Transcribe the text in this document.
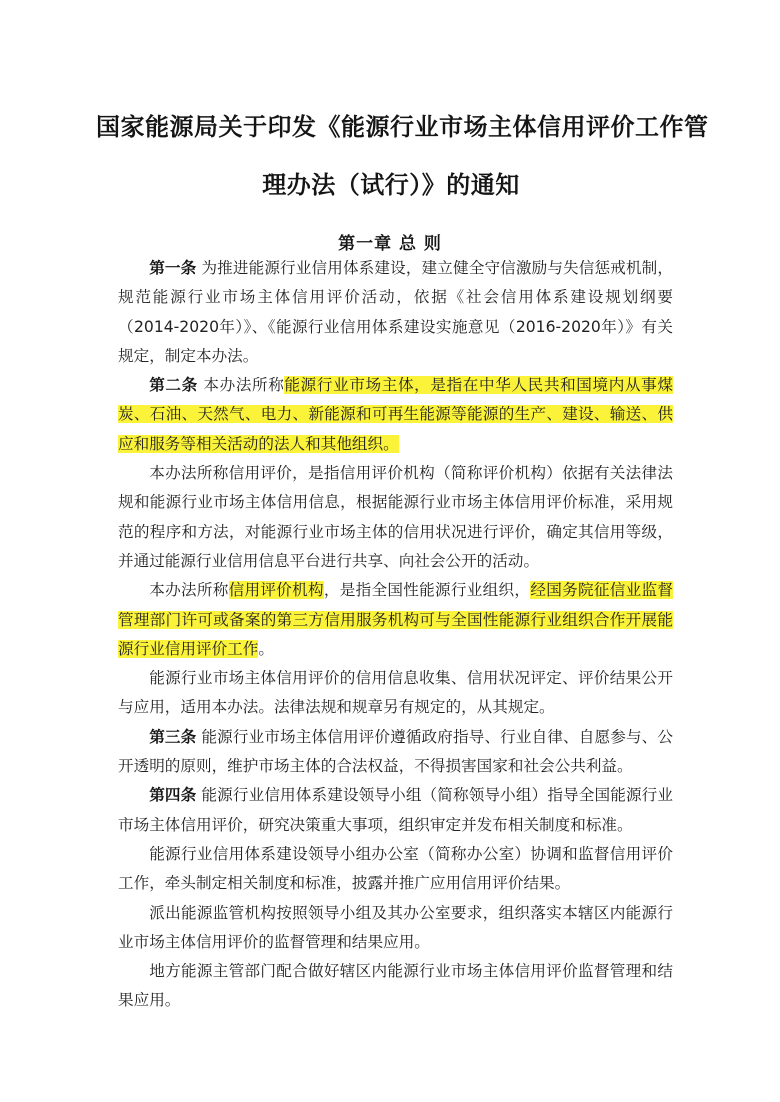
国家能源局关于印发《能源行业市场主体信用评价工作管
理办法（试行）》的通知
第一章 总 则

第一条 为推进能源行业信用体系建设，建立健全守信激励与失信惩戒机制，规范能源行业市场主体信用评价活动，依据《社会信用体系建设规划纲要（2014-2020年）》、《能源行业信用体系建设实施意见（2016-2020年）》有关规定，制定本办法。

第二条 本办法所称能源行业市场主体，是指在中华人民共和国境内从事煤炭、石油、天然气、电力、新能源和可再生能源等能源的生产、建设、输送、供应和服务等相关活动的法人和其他组织。

本办法所称信用评价，是指信用评价机构（简称评价机构）依据有关法律法规和能源行业市场主体信用信息，根据能源行业市场主体信用评价标准，采用规范的程序和方法，对能源行业市场主体的信用状况进行评价，确定其信用等级，并通过能源行业信用信息平台进行共享、向社会公开的活动。

本办法所称信用评价机构，是指全国性能源行业组织，经国务院征信业监督管理部门许可或备案的第三方信用服务机构可与全国性能源行业组织合作开展能源行业信用评价工作。

能源行业市场主体信用评价的信用信息收集、信用状况评定、评价结果公开与应用，适用本办法。法律法规和规章另有规定的，从其规定。

第三条 能源行业市场主体信用评价遵循政府指导、行业自律、自愿参与、公开透明的原则，维护市场主体的合法权益，不得损害国家和社会公共利益。

第四条 能源行业信用体系建设领导小组（简称领导小组）指导全国能源行业市场主体信用评价，研究决策重大事项，组织审定并发布相关制度和标准。

能源行业信用体系建设领导小组办公室（简称办公室）协调和监督信用评价工作，牵头制定相关制度和标准，披露并推广应用信用评价结果。

派出能源监管机构按照领导小组及其办公室要求，组织落实本辖区内能源行业市场主体信用评价的监督管理和结果应用。

地方能源主管部门配合做好辖区内能源行业市场主体信用评价监督管理和结果应用。
